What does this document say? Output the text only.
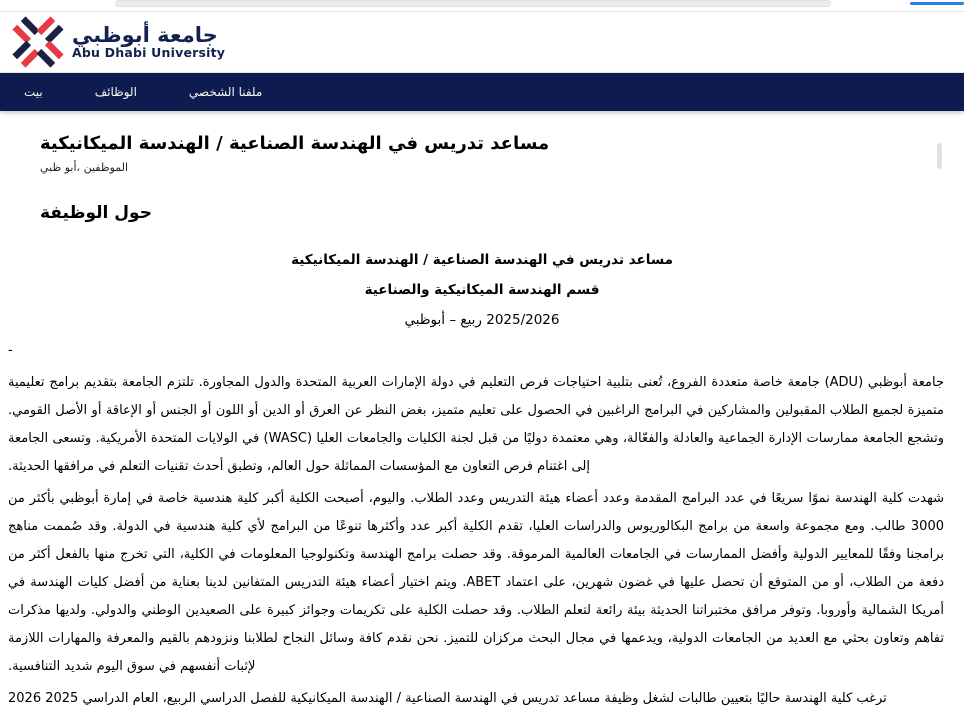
جامعة أبوظبي
Abu Dhabi University
بيت	الوظائف	ملفنا الشخصي
مساعد تدريس في الهندسة الصناعية / الهندسة الميكانيكية
أبو ظبي‎، الموظفين
حول الوظيفة

مساعد تدريس في الهندسة الصناعية / الهندسة الميكانيكية

قسم الهندسة الميكانيكية والصناعية

أبوظبي‎ – ربيع‎ 2025/2026

-

جامعة أبوظبي (ADU) جامعة خاصة متعددة الفروع، تُعنى بتلبية احتياجات فرص التعليم في دولة الإمارات العربية المتحدة والدول المجاورة. تلتزم الجامعة بتقديم برامج تعليمية متميزة لجميع الطلاب المقبولين والمشاركين في البرامج الراغبين في الحصول على تعليم متميز، بغض النظر عن العرق أو الدين أو اللون أو الجنس أو الإعاقة أو الأصل القومي. وتشجع الجامعة ممارسات الإدارة الجماعية والعادلة والفعّالة، وهي معتمدة دوليًا من قبل لجنة الكليات والجامعات العليا (WASC) في الولايات المتحدة الأمريكية. وتسعى الجامعة إلى اغتنام فرص التعاون مع المؤسسات المماثلة حول العالم، وتطبق أحدث تقنيات التعلم في مرافقها الحديثة.

شهدت كلية الهندسة نموًا سريعًا في عدد البرامج المقدمة وعدد أعضاء هيئة التدريس وعدد الطلاب. واليوم، أصبحت الكلية أكبر كلية هندسية خاصة في إمارة أبوظبي بأكثر من 3000 طالب. ومع مجموعة واسعة من برامج البكالوريوس والدراسات العليا، تقدم الكلية أكبر عدد وأكثرها تنوعًا من البرامج لأي كلية هندسية في الدولة. وقد صُممت مناهج برامجنا وفقًا للمعايير الدولية وأفضل الممارسات في الجامعات العالمية المرموقة. وقد حصلت برامج الهندسة وتكنولوجيا المعلومات في الكلية، التي تخرج منها بالفعل أكثر من دفعة من الطلاب، أو من المتوقع أن تحصل عليها في غضون شهرين، على اعتماد ABET. ويتم اختيار أعضاء هيئة التدريس المتفانين لدينا بعناية من أفضل كليات الهندسة في أمريكا الشمالية وأوروبا. وتوفر مرافق مختبراتنا الحديثة بيئة رائعة لتعلم الطلاب. وقد حصلت الكلية على تكريمات وجوائز كبيرة على الصعيدين الوطني والدولي. ولديها مذكرات تفاهم وتعاون بحثي مع العديد من الجامعات الدولية، ويدعمها في مجال البحث مركزان للتميز. نحن نقدم كافة وسائل النجاح لطلابنا ونزودهم بالقيم والمعرفة والمهارات اللازمة لإثبات أنفسهم في سوق اليوم شديد التنافسية.

ترغب كلية الهندسة حاليًا بتعيين طالبات لشغل وظيفة مساعد تدريس في الهندسة الصناعية / الهندسة الميكانيكية للفصل الدراسي الربيع، العام الدراسي 2025 2026
